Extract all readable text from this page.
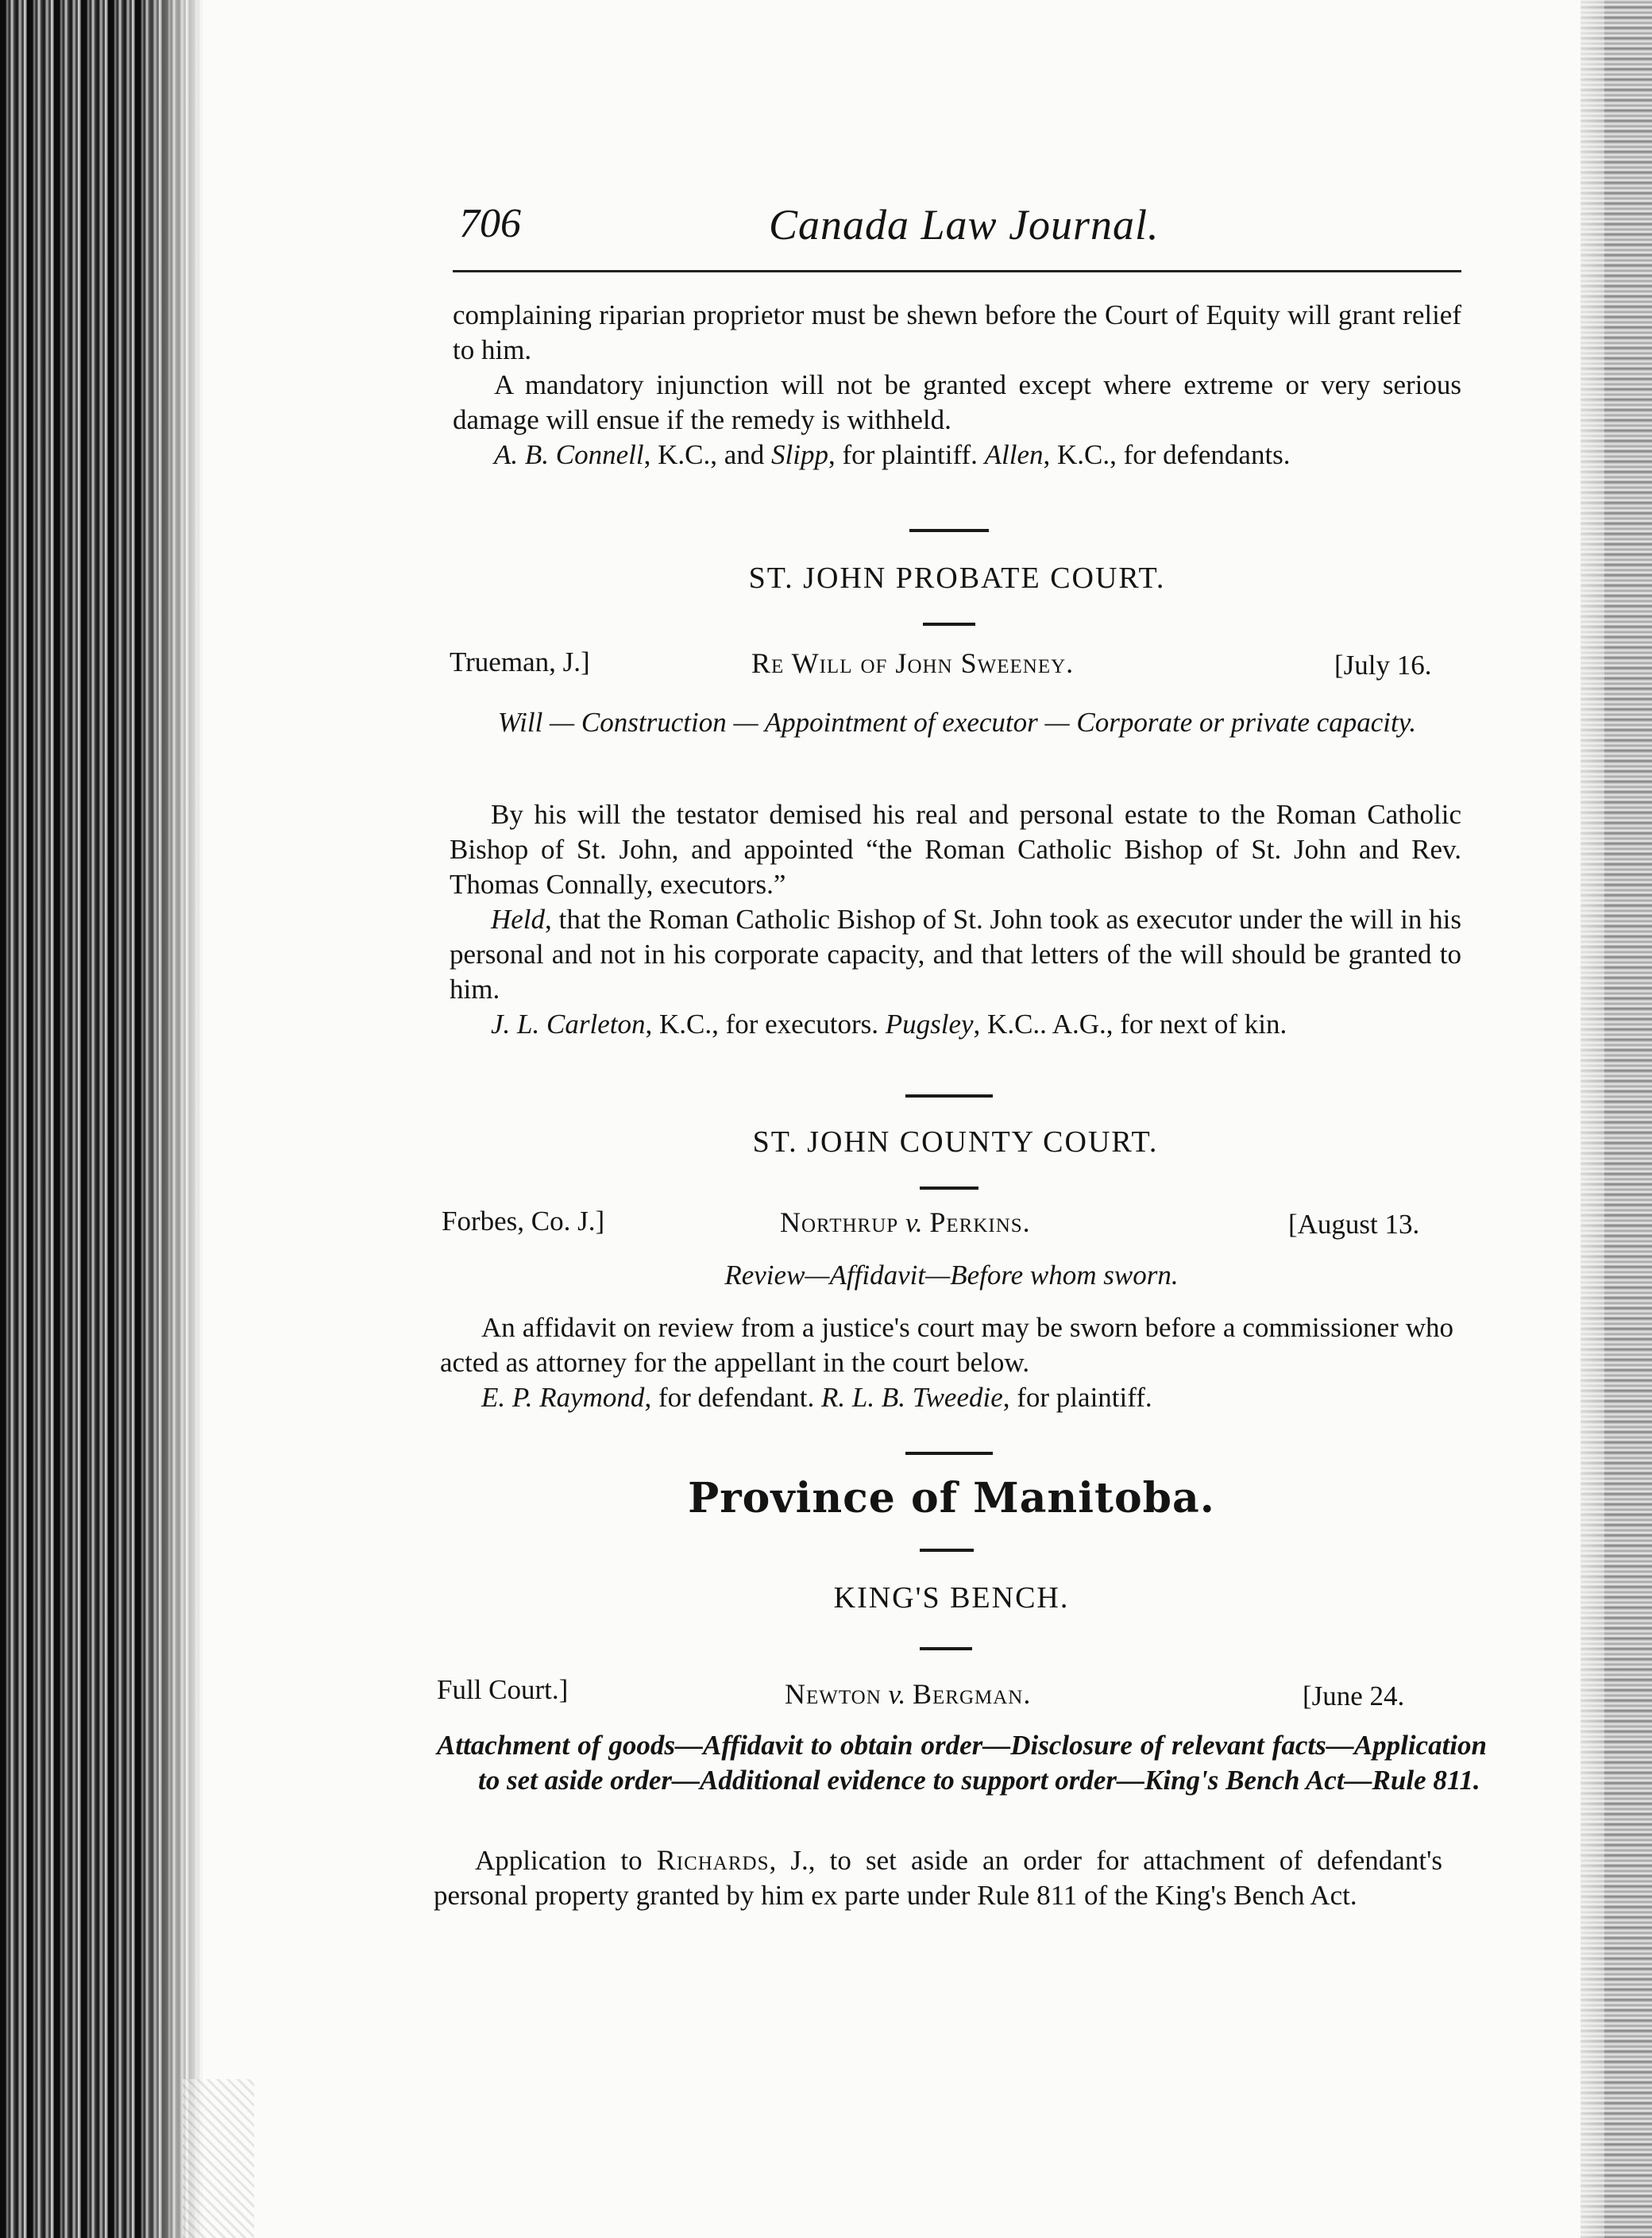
706	Canada Law Journal.
complaining riparian proprietor must be shewn before the Court of Equity will grant relief to him.
A mandatory injunction will not be granted except where extreme or very serious damage will ensue if the remedy is withheld.
A. B. Connell, K.C., and Slipp, for plaintiff. Allen, K.C., for defendants.
ST. JOHN PROBATE COURT.
Trueman, J.]	Re Will of John Sweeney.	[July 16.
Will — Construction — Appointment of executor — Corporate or private capacity.
By his will the testator demised his real and personal estate to the Roman Catholic Bishop of St. John, and appointed “the Roman Catholic Bishop of St. John and Rev. Thomas Connally, executors.”
Held, that the Roman Catholic Bishop of St. John took as executor under the will in his personal and not in his corporate capacity, and that letters of the will should be granted to him.
J. L. Carleton, K.C., for executors. Pugsley, K.C.. A.G., for next of kin.
ST. JOHN COUNTY COURT.
Forbes, Co. J.]	Northrup v. Perkins.	[August 13.
Review—Affidavit—Before whom sworn.
An affidavit on review from a justice's court may be sworn before a commissioner who acted as attorney for the appellant in the court below.
E. P. Raymond, for defendant. R. L. B. Tweedie, for plaintiff.
Province of Manitoba.
KING'S BENCH.
Full Court.]	Newton v. Bergman.	[June 24.
Attachment of goods—Affidavit to obtain order—Disclosure of relevant facts—Application to set aside order—Additional evidence to support order—King's Bench Act—Rule 811.
Application to Richards, J., to set aside an order for attachment of defendant's personal property granted by him ex parte under Rule 811 of the King's Bench Act.
